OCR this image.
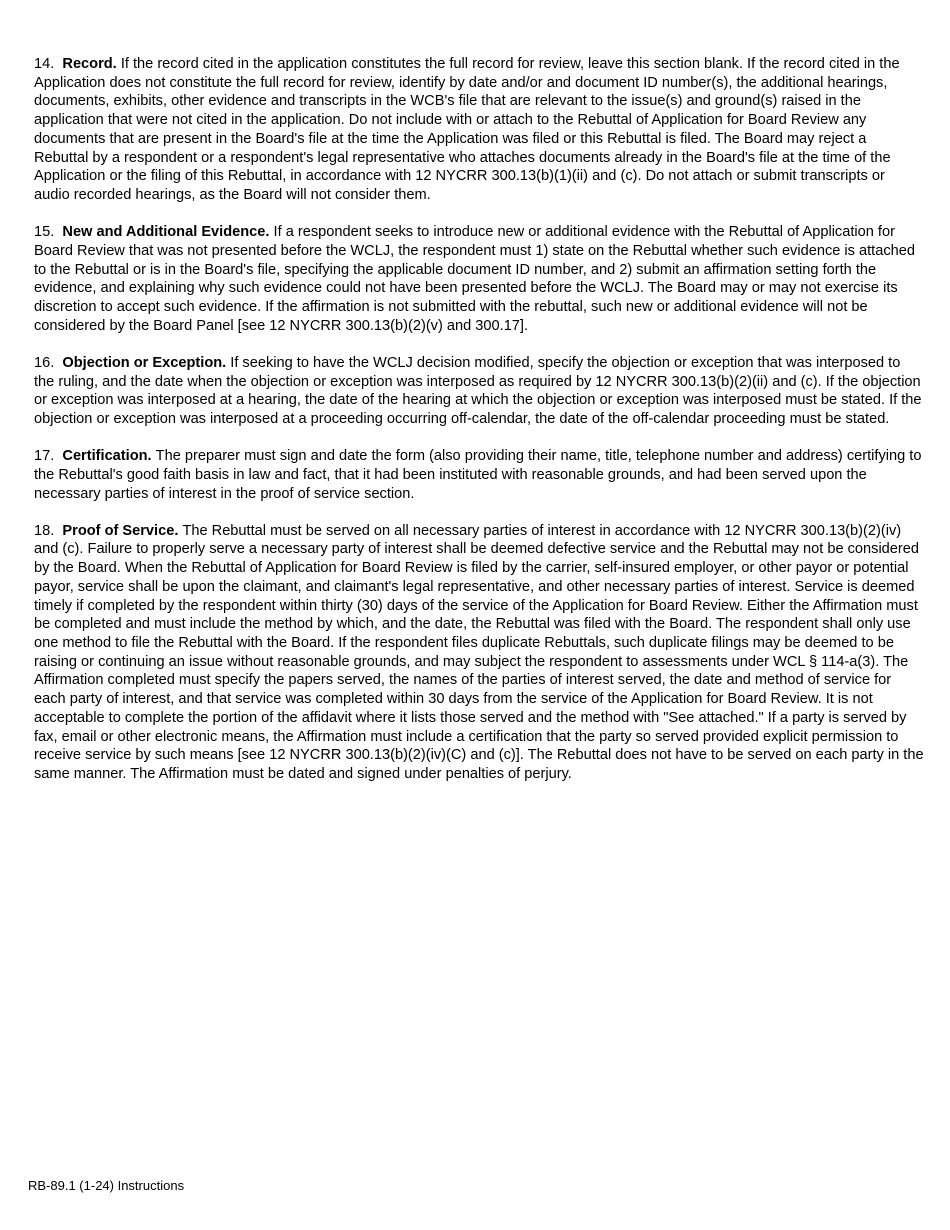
14. Record. If the record cited in the application constitutes the full record for review, leave this section blank. If the record cited in the Application does not constitute the full record for review, identify by date and/or and document ID number(s), the additional hearings, documents, exhibits, other evidence and transcripts in the WCB's file that are relevant to the issue(s) and ground(s) raised in the application that were not cited in the application. Do not include with or attach to the Rebuttal of Application for Board Review any documents that are present in the Board's file at the time the Application was filed or this Rebuttal is filed. The Board may reject a Rebuttal by a respondent or a respondent's legal representative who attaches documents already in the Board's file at the time of the Application or the filing of this Rebuttal, in accordance with 12 NYCRR 300.13(b)(1)(ii) and (c). Do not attach or submit transcripts or audio recorded hearings, as the Board will not consider them.

15. New and Additional Evidence.If a respondent seeks to introduce new or additional evidence with the Rebuttal of Application for Board Review that was not presented before the WCLJ, the respondent must 1) state on the Rebuttal whether such evidence is attached to the Rebuttal or is in the Board's file, specifying the applicable document ID number, and 2) submit an affirmation setting forth the evidence, and explaining why such evidence could not have been presented before the WCLJ. The Board may or may not exercise its discretion to accept such evidence. If the affirmation is not submitted with the rebuttal, such new or additional evidence will not be considered by the Board Panel [see 12 NYCRR 300.13(b)(2)(v) and 300.17].

16. Objection or Exception. If seeking to have the WCLJ decision modified, specify the objection or exception that was interposed to the ruling, and the date when the objection or exception was interposed as required by 12 NYCRR 300.13(b)(2)(ii) and (c). If the objection or exception was interposed at a hearing, the date of the hearing at which the objection or exception was interposed must be stated. If the objection or exception was interposed at a proceeding occurring off-calendar, the date of the off-calendar proceeding must be stated.

17. Certification. The preparer must sign and date the form (also providing their name, title, telephone number and address) certifying to the Rebuttal's good faith basis in law and fact, that it had been instituted with reasonable grounds, and had been served upon the necessary parties of interest in the proof of service section.

18. Proof of Service.The Rebuttal must be served on all necessary parties of interest in accordance with 12 NYCRR 300.13(b)(2)(iv) and (c). Failure to properly serve a necessary party of interest shall be deemed defective service and the Rebuttal may not be considered by the Board. When the Rebuttal of Application for Board Review is filed by the carrier, self-insured employer, or other payor or potential payor, service shall be upon the claimant, and claimant's legal representative, and other necessary parties of interest. Service is deemed timely if completed by the respondent within thirty (30) days of the service of the Application for Board Review. Either the Affirmation must be completed and must include the method by which, and the date, the Rebuttal was filed with the Board. The respondent shall only use one method to file the Rebuttal with the Board. If the respondent files duplicate Rebuttals, such duplicate filings may be deemed to be raising or continuing an issue without reasonable grounds, and may subject the respondent to assessments under WCL § 114-a(3). The Affirmation completed must specify the papers served, the names of the parties of interest served, the date and method of service for each party of interest, and that service was completed within 30 days from the service of the Application for Board Review. It is not acceptable to complete the portion of the affidavit where it lists those served and the method with "See attached." If a party is served by fax, email or other electronic means, the Affirmation must include a certification that the party so served provided explicit permission to receive service by such means [see 12 NYCRR 300.13(b)(2)(iv)(C) and (c)]. The Rebuttal does not have to be served on each party in the same manner. The Affirmation must be dated and signed under penalties of perjury.

RB-89.1 (1-24) Instructions
